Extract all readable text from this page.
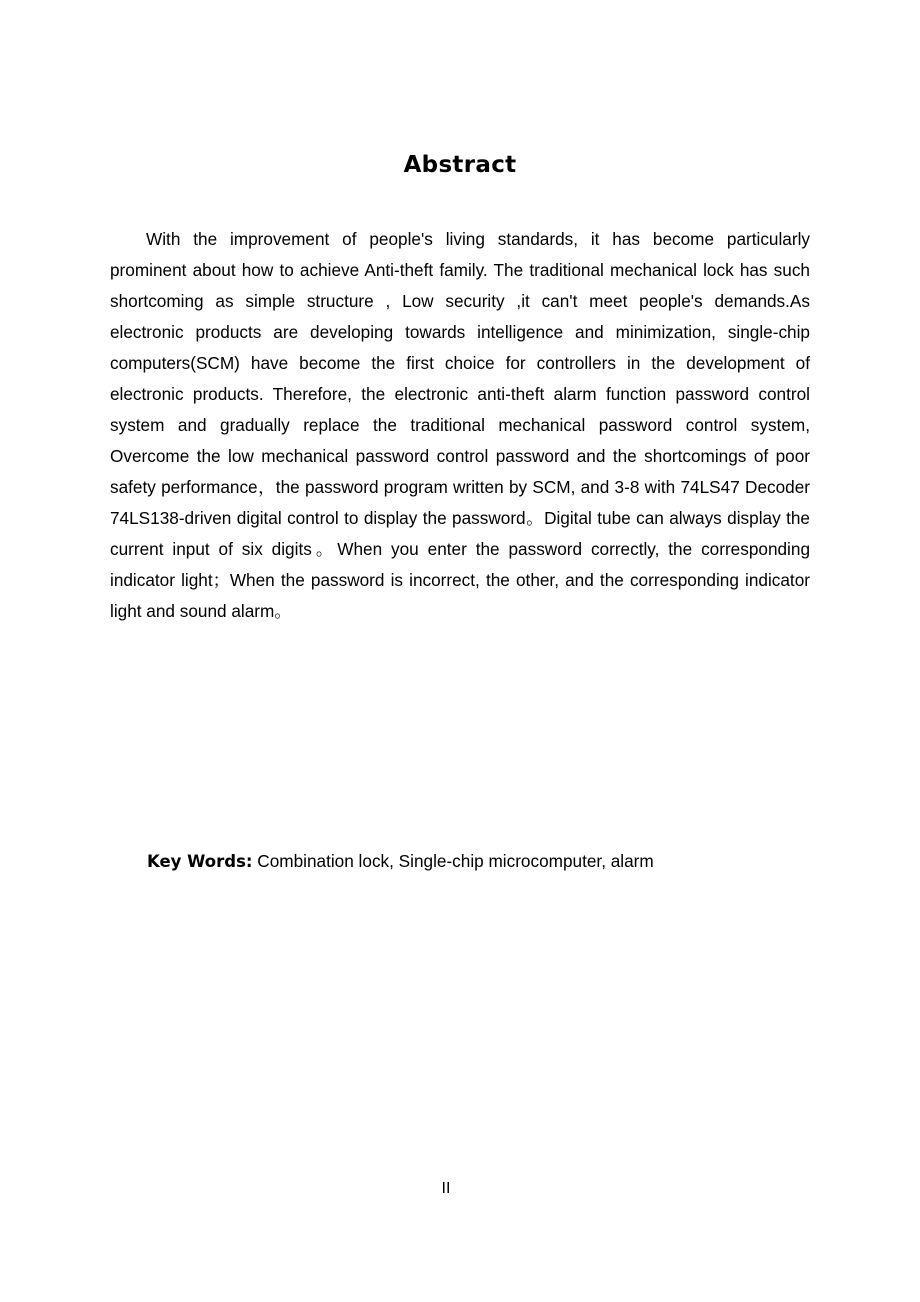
Abstract

With the improvement of people's living standards, it has become particularly prominent about how to achieve Anti-theft family. The traditional mechanical lock has such shortcoming as simple structure , Low security ,it can't meet people's demands.As electronic products are developing towards intelligence and minimization, single-chip computers(SCM) have become the first choice for controllers in the development of electronic products. Therefore, the electronic anti-theft alarm function password control system and gradually replace the traditional mechanical password control system, Overcome the low mechanical password control password and the shortcomings of poor safety performance，the password program written by SCM, and 3-8 with 74LS47 Decoder 74LS138-driven digital control to display the password。Digital tube can always display the current input of six digits。When you enter the password correctly, the corresponding indicator light；When the password is incorrect, the other, and the corresponding indicator light and sound alarm。

Key Words: Combination lock, Single-chip microcomputer, alarm

II
